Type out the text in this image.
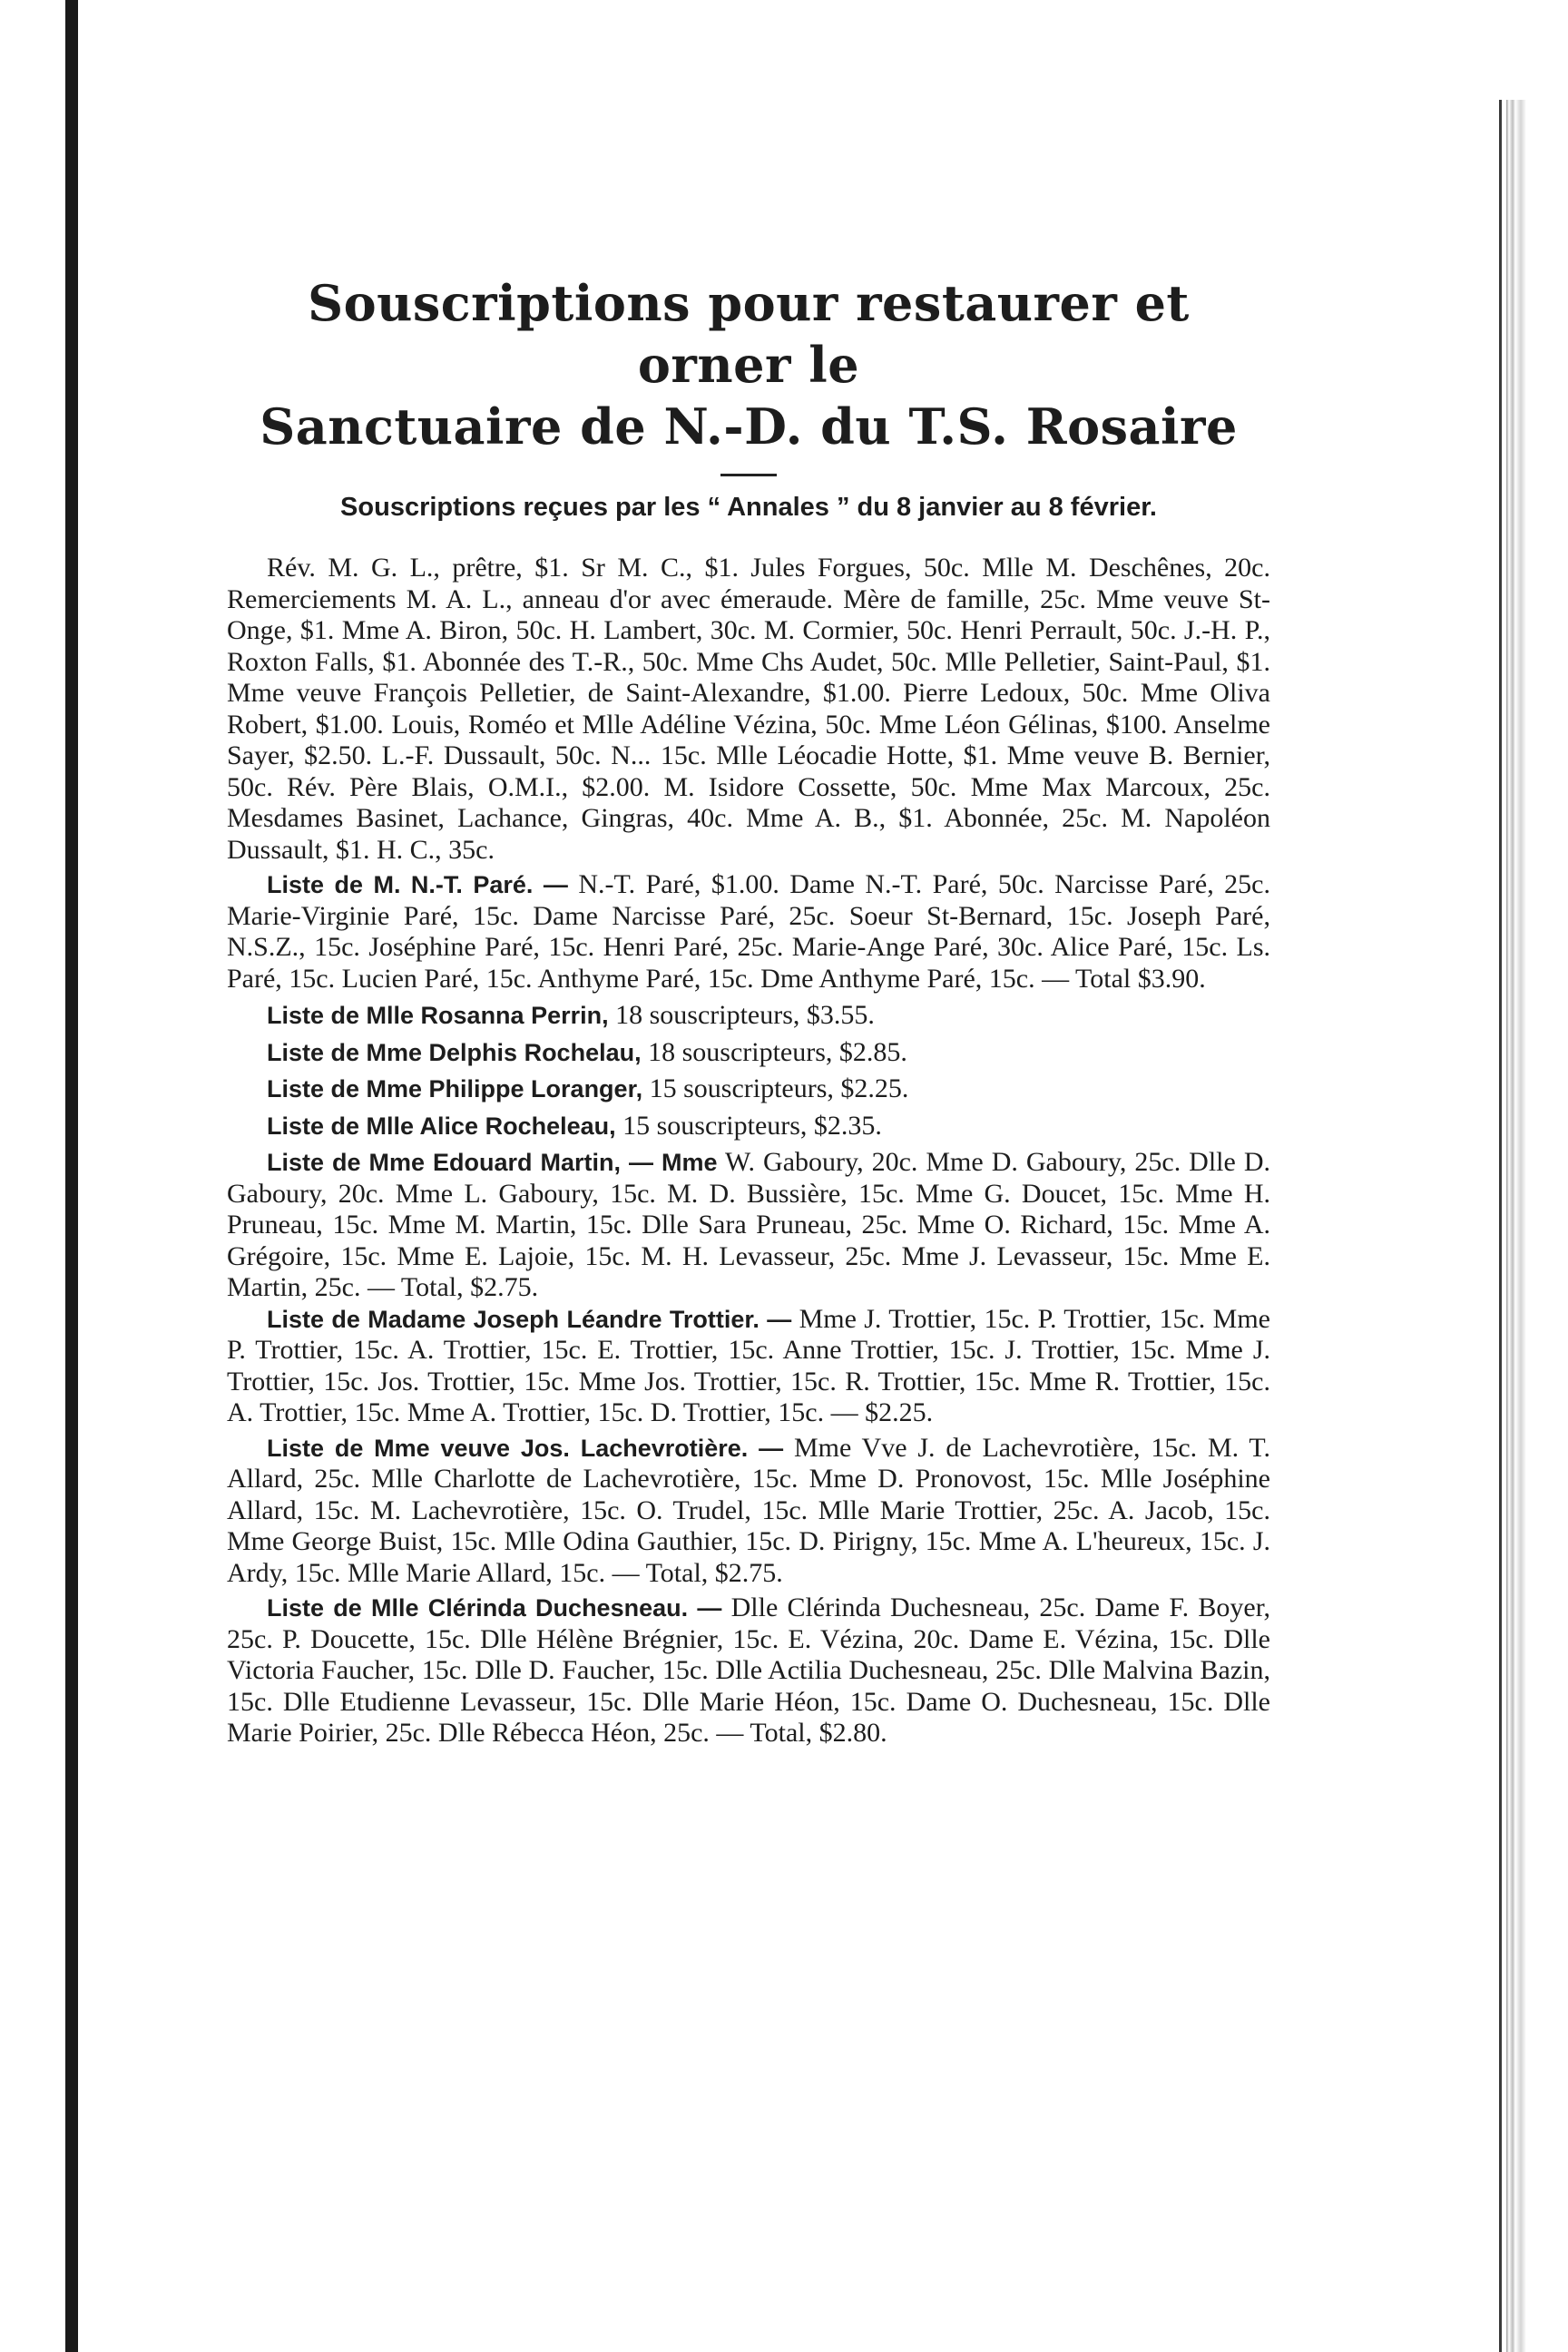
Souscriptions pour restaurer et orner le
Sanctuaire de N.-D. du T.S. Rosaire

Souscriptions reçues par les “ Annales ” du 8 janvier au 8 février.

Rév. M. G. L., prêtre, $1. Sr M. C., $1. Jules Forgues, 50c. Mlle M. Deschênes, 20c. Remerciements M. A. L., anneau d'or avec émeraude. Mère de famille, 25c. Mme veuve St-Onge, $1. Mme A. Biron, 50c. H. Lambert, 30c. M. Cormier, 50c. Henri Perrault, 50c. J.-H. P., Roxton Falls, $1. Abonnée des T.-R., 50c. Mme Chs Audet, 50c. Mlle Pelletier, Saint-Paul, $1. Mme veuve François Pelletier, de Saint-Alexandre, $1.00. Pierre Ledoux, 50c. Mme Oliva Robert, $1.00. Louis, Roméo et Mlle Adéline Vézina, 50c. Mme Léon Gélinas, $100. Anselme Sayer, $2.50. L.-F. Dussault, 50c. N... 15c. Mlle Léocadie Hotte, $1. Mme veuve B. Bernier, 50c. Rév. Père Blais, O.M.I., $2.00. M. Isidore Cossette, 50c. Mme Max Marcoux, 25c. Mesdames Basinet, Lachance, Gingras, 40c. Mme A. B., $1. Abonnée, 25c. M. Napoléon Dussault, $1. H. C., 35c.

Liste de M. N.-T. Paré. — N.-T. Paré, $1.00. Dame N.-T. Paré, 50c. Narcisse Paré, 25c. Marie-Virginie Paré, 15c. Dame Narcisse Paré, 25c. Soeur St-Bernard, 15c. Joseph Paré, N.S.Z., 15c. Joséphine Paré, 15c. Henri Paré, 25c. Marie-Ange Paré, 30c. Alice Paré, 15c. Ls. Paré, 15c. Lucien Paré, 15c. Anthyme Paré, 15c. Dme Anthyme Paré, 15c. — Total $3.90.

Liste de Mlle Rosanna Perrin, 18 souscripteurs, $3.55.

Liste de Mme Delphis Rochelau, 18 souscripteurs, $2.85.

Liste de Mme Philippe Loranger, 15 souscripteurs, $2.25.

Liste de Mlle Alice Rocheleau, 15 souscripteurs, $2.35.

Liste de Mme Edouard Martin, — Mme W. Gaboury, 20c. Mme D. Gaboury, 25c. Dlle D. Gaboury, 20c. Mme L. Gaboury, 15c. M. D. Bussière, 15c. Mme G. Doucet, 15c. Mme H. Pruneau, 15c. Mme M. Martin, 15c. Dlle Sara Pruneau, 25c. Mme O. Richard, 15c. Mme A. Grégoire, 15c. Mme E. Lajoie, 15c. M. H. Levasseur, 25c. Mme J. Levasseur, 15c. Mme E. Martin, 25c. — Total, $2.75.

Liste de Madame Joseph Léandre Trottier. — Mme J. Trottier, 15c. P. Trottier, 15c. Mme P. Trottier, 15c. A. Trottier, 15c. E. Trottier, 15c. Anne Trottier, 15c. J. Trottier, 15c. Mme J. Trottier, 15c. Jos. Trottier, 15c. Mme Jos. Trottier, 15c. R. Trottier, 15c. Mme R. Trottier, 15c. A. Trottier, 15c. Mme A. Trottier, 15c. D. Trottier, 15c. — $2.25.

Liste de Mme veuve Jos. Lachevrotière. — Mme Vve J. de Lachevrotière, 15c. M. T. Allard, 25c. Mlle Charlotte de Lachevrotière, 15c. Mme D. Pronovost, 15c. Mlle Joséphine Allard, 15c. M. Lachevrotière, 15c. O. Trudel, 15c. Mlle Marie Trottier, 25c. A. Jacob, 15c. Mme George Buist, 15c. Mlle Odina Gauthier, 15c. D. Pirigny, 15c. Mme A. L'heureux, 15c. J. Ardy, 15c. Mlle Marie Allard, 15c. — Total, $2.75.

Liste de Mlle Clérinda Duchesneau. — Dlle Clérinda Duchesneau, 25c. Dame F. Boyer, 25c. P. Doucette, 15c. Dlle Hélène Brégnier, 15c. E. Vézina, 20c. Dame E. Vézina, 15c. Dlle Victoria Faucher, 15c. Dlle D. Faucher, 15c. Dlle Actilia Duchesneau, 25c. Dlle Malvina Bazin, 15c. Dlle Etudienne Levasseur, 15c. Dlle Marie Héon, 15c. Dame O. Duchesneau, 15c. Dlle Marie Poirier, 25c. Dlle Rébecca Héon, 25c. — Total, $2.80.
